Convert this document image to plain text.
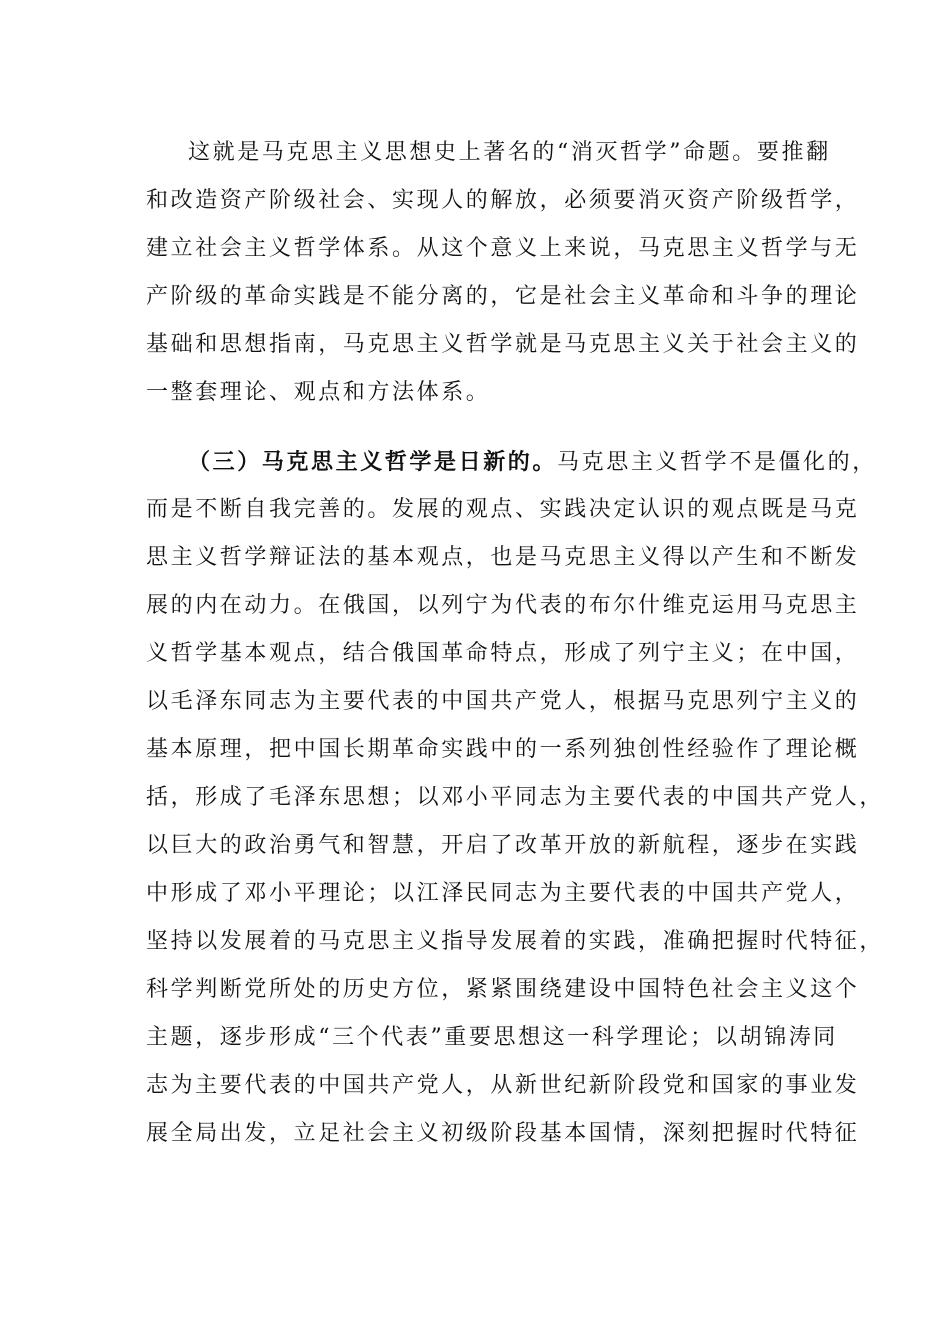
这就是马克思主义思想史上著名的“消灭哲学”命题。要推翻
和改造资产阶级社会、实现人的解放，必须要消灭资产阶级哲学，
建立社会主义哲学体系。从这个意义上来说，马克思主义哲学与无
产阶级的革命实践是不能分离的，它是社会主义革命和斗争的理论
基础和思想指南，马克思主义哲学就是马克思主义关于社会主义的
一整套理论、观点和方法体系。
（三）马克思主义哲学是日新的。马克思主义哲学不是僵化的，
而是不断自我完善的。发展的观点、实践决定认识的观点既是马克
思主义哲学辩证法的基本观点，也是马克思主义得以产生和不断发
展的内在动力。在俄国，以列宁为代表的布尔什维克运用马克思主
义哲学基本观点，结合俄国革命特点，形成了列宁主义；在中国，
以毛泽东同志为主要代表的中国共产党人，根据马克思列宁主义的
基本原理，把中国长期革命实践中的一系列独创性经验作了理论概
括，形成了毛泽东思想；以邓小平同志为主要代表的中国共产党人，
以巨大的政治勇气和智慧，开启了改革开放的新航程，逐步在实践
中形成了邓小平理论；以江泽民同志为主要代表的中国共产党人，
坚持以发展着的马克思主义指导发展着的实践，准确把握时代特征，
科学判断党所处的历史方位，紧紧围绕建设中国特色社会主义这个
主题，逐步形成“三个代表”重要思想这一科学理论；以胡锦涛同
志为主要代表的中国共产党人，从新世纪新阶段党和国家的事业发
展全局出发，立足社会主义初级阶段基本国情，深刻把握时代特征
